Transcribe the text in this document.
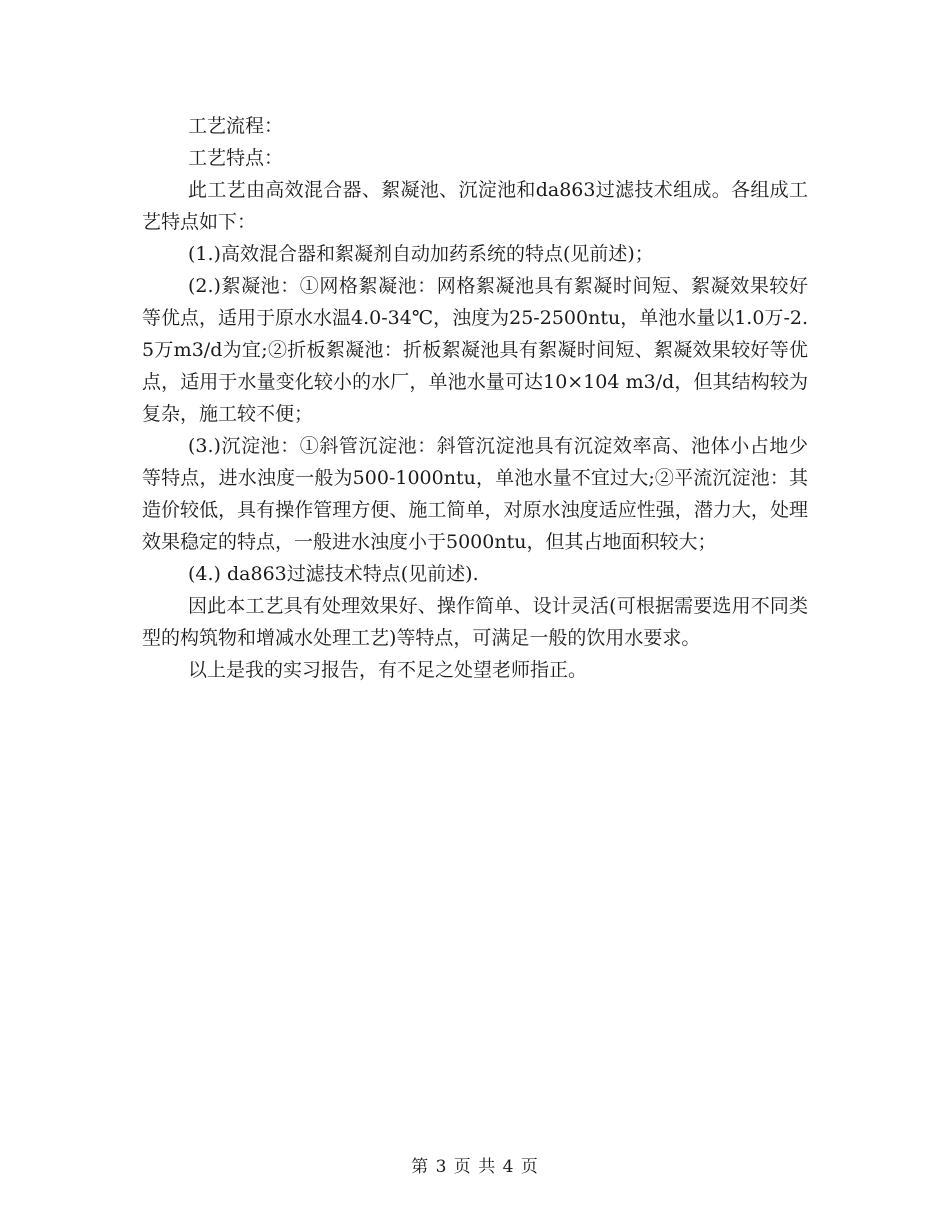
工艺流程：

工艺特点：

此工艺由高效混合器、絮凝池、沉淀池和da863过滤技术组成。各组成工艺特点如下：

(1.)高效混合器和絮凝剂自动加药系统的特点(见前述)；

(2.)絮凝池：①网格絮凝池：网格絮凝池具有絮凝时间短、絮凝效果较好等优点，适用于原水水温4.0-34℃，浊度为25-2500ntu，单池水量以1.0万-2.5万m3/d为宜;②折板絮凝池：折板絮凝池具有絮凝时间短、絮凝效果较好等优点，适用于水量变化较小的水厂，单池水量可达10×104 m3/d，但其结构较为复杂，施工较不便；

(3.)沉淀池：①斜管沉淀池：斜管沉淀池具有沉淀效率高、池体小占地少等特点，进水浊度一般为500-1000ntu，单池水量不宜过大;②平流沉淀池：其造价较低，具有操作管理方便、施工简单，对原水浊度适应性强，潜力大，处理效果稳定的特点，一般进水浊度小于5000ntu，但其占地面积较大；

(4.) da863过滤技术特点(见前述).

因此本工艺具有处理效果好、操作简单、设计灵活(可根据需要选用不同类型的构筑物和增减水处理工艺)等特点，可满足一般的饮用水要求。

以上是我的实习报告，有不足之处望老师指正。

第 3 页 共 4 页
